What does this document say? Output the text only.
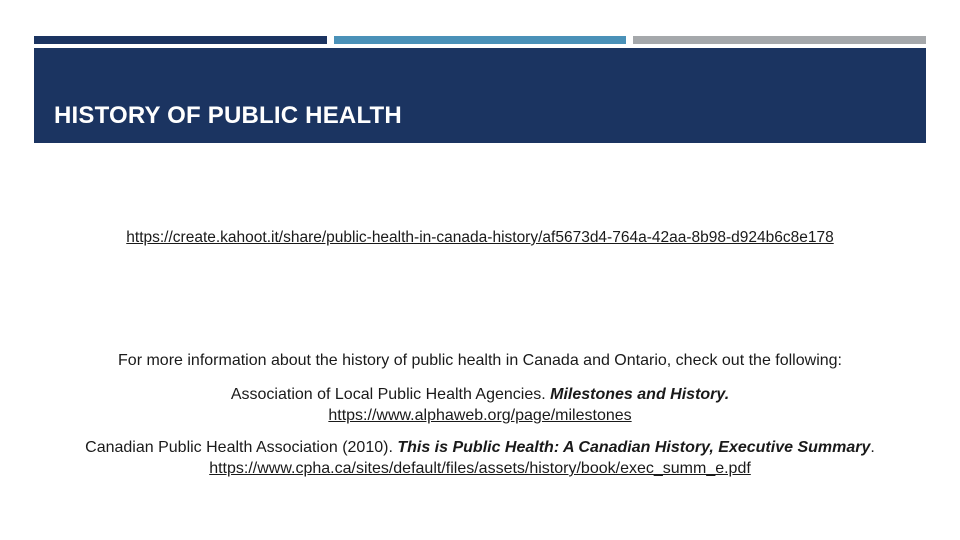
HISTORY OF PUBLIC HEALTH
https://create.kahoot.it/share/public-health-in-canada-history/af5673d4-764a-42aa-8b98-d924b6c8e178

For more information about the history of public health in Canada and Ontario, check out the following:

Association of Local Public Health Agencies. Milestones and History.
https://www.alphaweb.org/page/milestones

Canadian Public Health Association (2010). This is Public Health: A Canadian History, Executive Summary. https://www.cpha.ca/sites/default/files/assets/history/book/exec_summ_e.pdf
